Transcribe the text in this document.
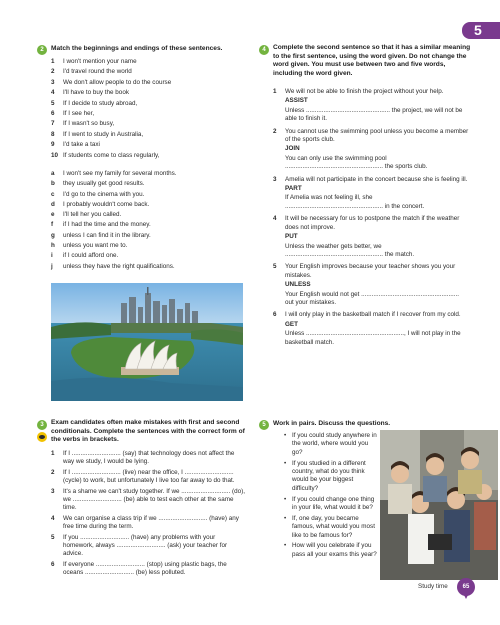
5
2	Match the beginnings and endings of these sentences.
1	I won't mention your name
2	I'd travel round the world
3	We don't allow people to do the course
4	I'll have to buy the book
5	If I decide to study abroad,
6	If I see her,
7	If I wasn't so busy,
8	If I went to study in Australia,
9	I'd take a taxi
10 If students come to class regularly,
a	I won't see my family for several months.
b	they usually get good results.
c	I'd go to the cinema with you.
d	I probably wouldn't come back.
e	I'll tell her you called.
f	if I had the time and the money.
g	unless I can find it in the library.
h	unless you want me to.
i	if I could afford one.
j	unless they have the right qualifications.
3	Exam candidates often make mistakes with first and second conditionals. Complete the sentences with the correct form of the verbs in brackets.
1	If I ............................ (say) that technology does not affect the way we study, I would be lying.
2	If I ............................ (live) near the office, I ............................ (cycle) to work, but unfortunately I live too far away to do that.
3	It's a shame we can't study together. If we ............................ (do), we ............................ (be) able to test each other at the same time.
4	We can organise a class trip if we ............................ (have) any free time during the term.
5	If you ............................ (have) any problems with your homework, always ............................ (ask) your teacher for advice.
6	If everyone ............................ (stop) using plastic bags, the oceans ............................ (be) less polluted.
4	Complete the second sentence so that it has a similar meaning to the first sentence, using the word given. Do not change the word given. You must use between two and five words, including the word given.
1	We will not be able to finish the project without your help.
ASSIST
Unless ................................................ the project, we will not be able to finish it.
2	You cannot use the swimming pool unless you become a member of the sports club.
JOIN
You can only use the swimming pool ........................................................ the sports club.
3	Amelia will not participate in the concert because she is feeling ill.
PART
If Amelia was not feeling ill, she ........................................................ in the concert.
4	It will be necessary for us to postpone the match if the weather does not improve.
PUT
Unless the weather gets better, we ........................................................ the match.
5	Your English improves because your teacher shows you your mistakes.
UNLESS
Your English would not get ........................................................ out your mistakes.
6	I will only play in the basketball match if I recover from my cold.
GET
Unless ........................................................, I will not play in the basketball match.
5	Work in pairs. Discuss the questions.
• If you could study anywhere in the world, where would you go?
• If you studied in a different country, what do you think would be your biggest difficulty?
• If you could change one thing in your life, what would it be?
• If, one day, you became famous, what would you most like to be famous for?
• How will you celebrate if you pass all your exams this year?
Study time	65
